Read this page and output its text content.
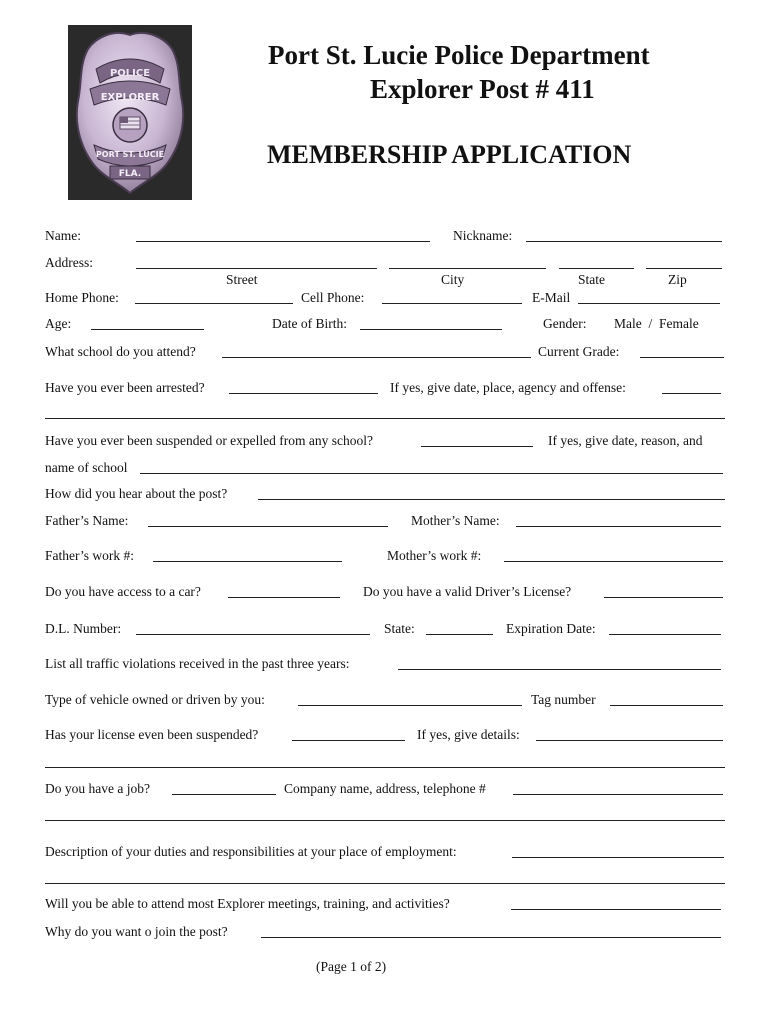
POLICE
EXPLORER
PORT ST. LUCIE
FLA.
Port St. Lucie Police Department
Explorer Post # 411
MEMBERSHIP APPLICATION
Name:	Nickname:
Address:
Street	City	State	Zip
Home Phone:	Cell Phone:	E-Mail
Age:	Date of Birth:	Gender: Male  /  Female
What school do you attend?	Current Grade:
Have you ever been arrested?	If yes, give date, place, agency and offense:
Have you ever been suspended or expelled from any school?	If yes, give date, reason, and
name of school
How did you hear about the post?
Father’s Name:	Mother’s Name:
Father’s work #:	Mother’s work #:
Do you have access to a car?	Do you have a valid Driver’s License?
D.L. Number:	State:	Expiration Date:
List all traffic violations received in the past three years:
Type of vehicle owned or driven by you:	Tag number
Has your license even been suspended?	If yes, give details:
Do you have a job?	Company name, address, telephone #
Description of your duties and responsibilities at your place of employment:
Will you be able to attend most Explorer meetings, training, and activities?
Why do you want o join the post?
(Page 1 of 2)
